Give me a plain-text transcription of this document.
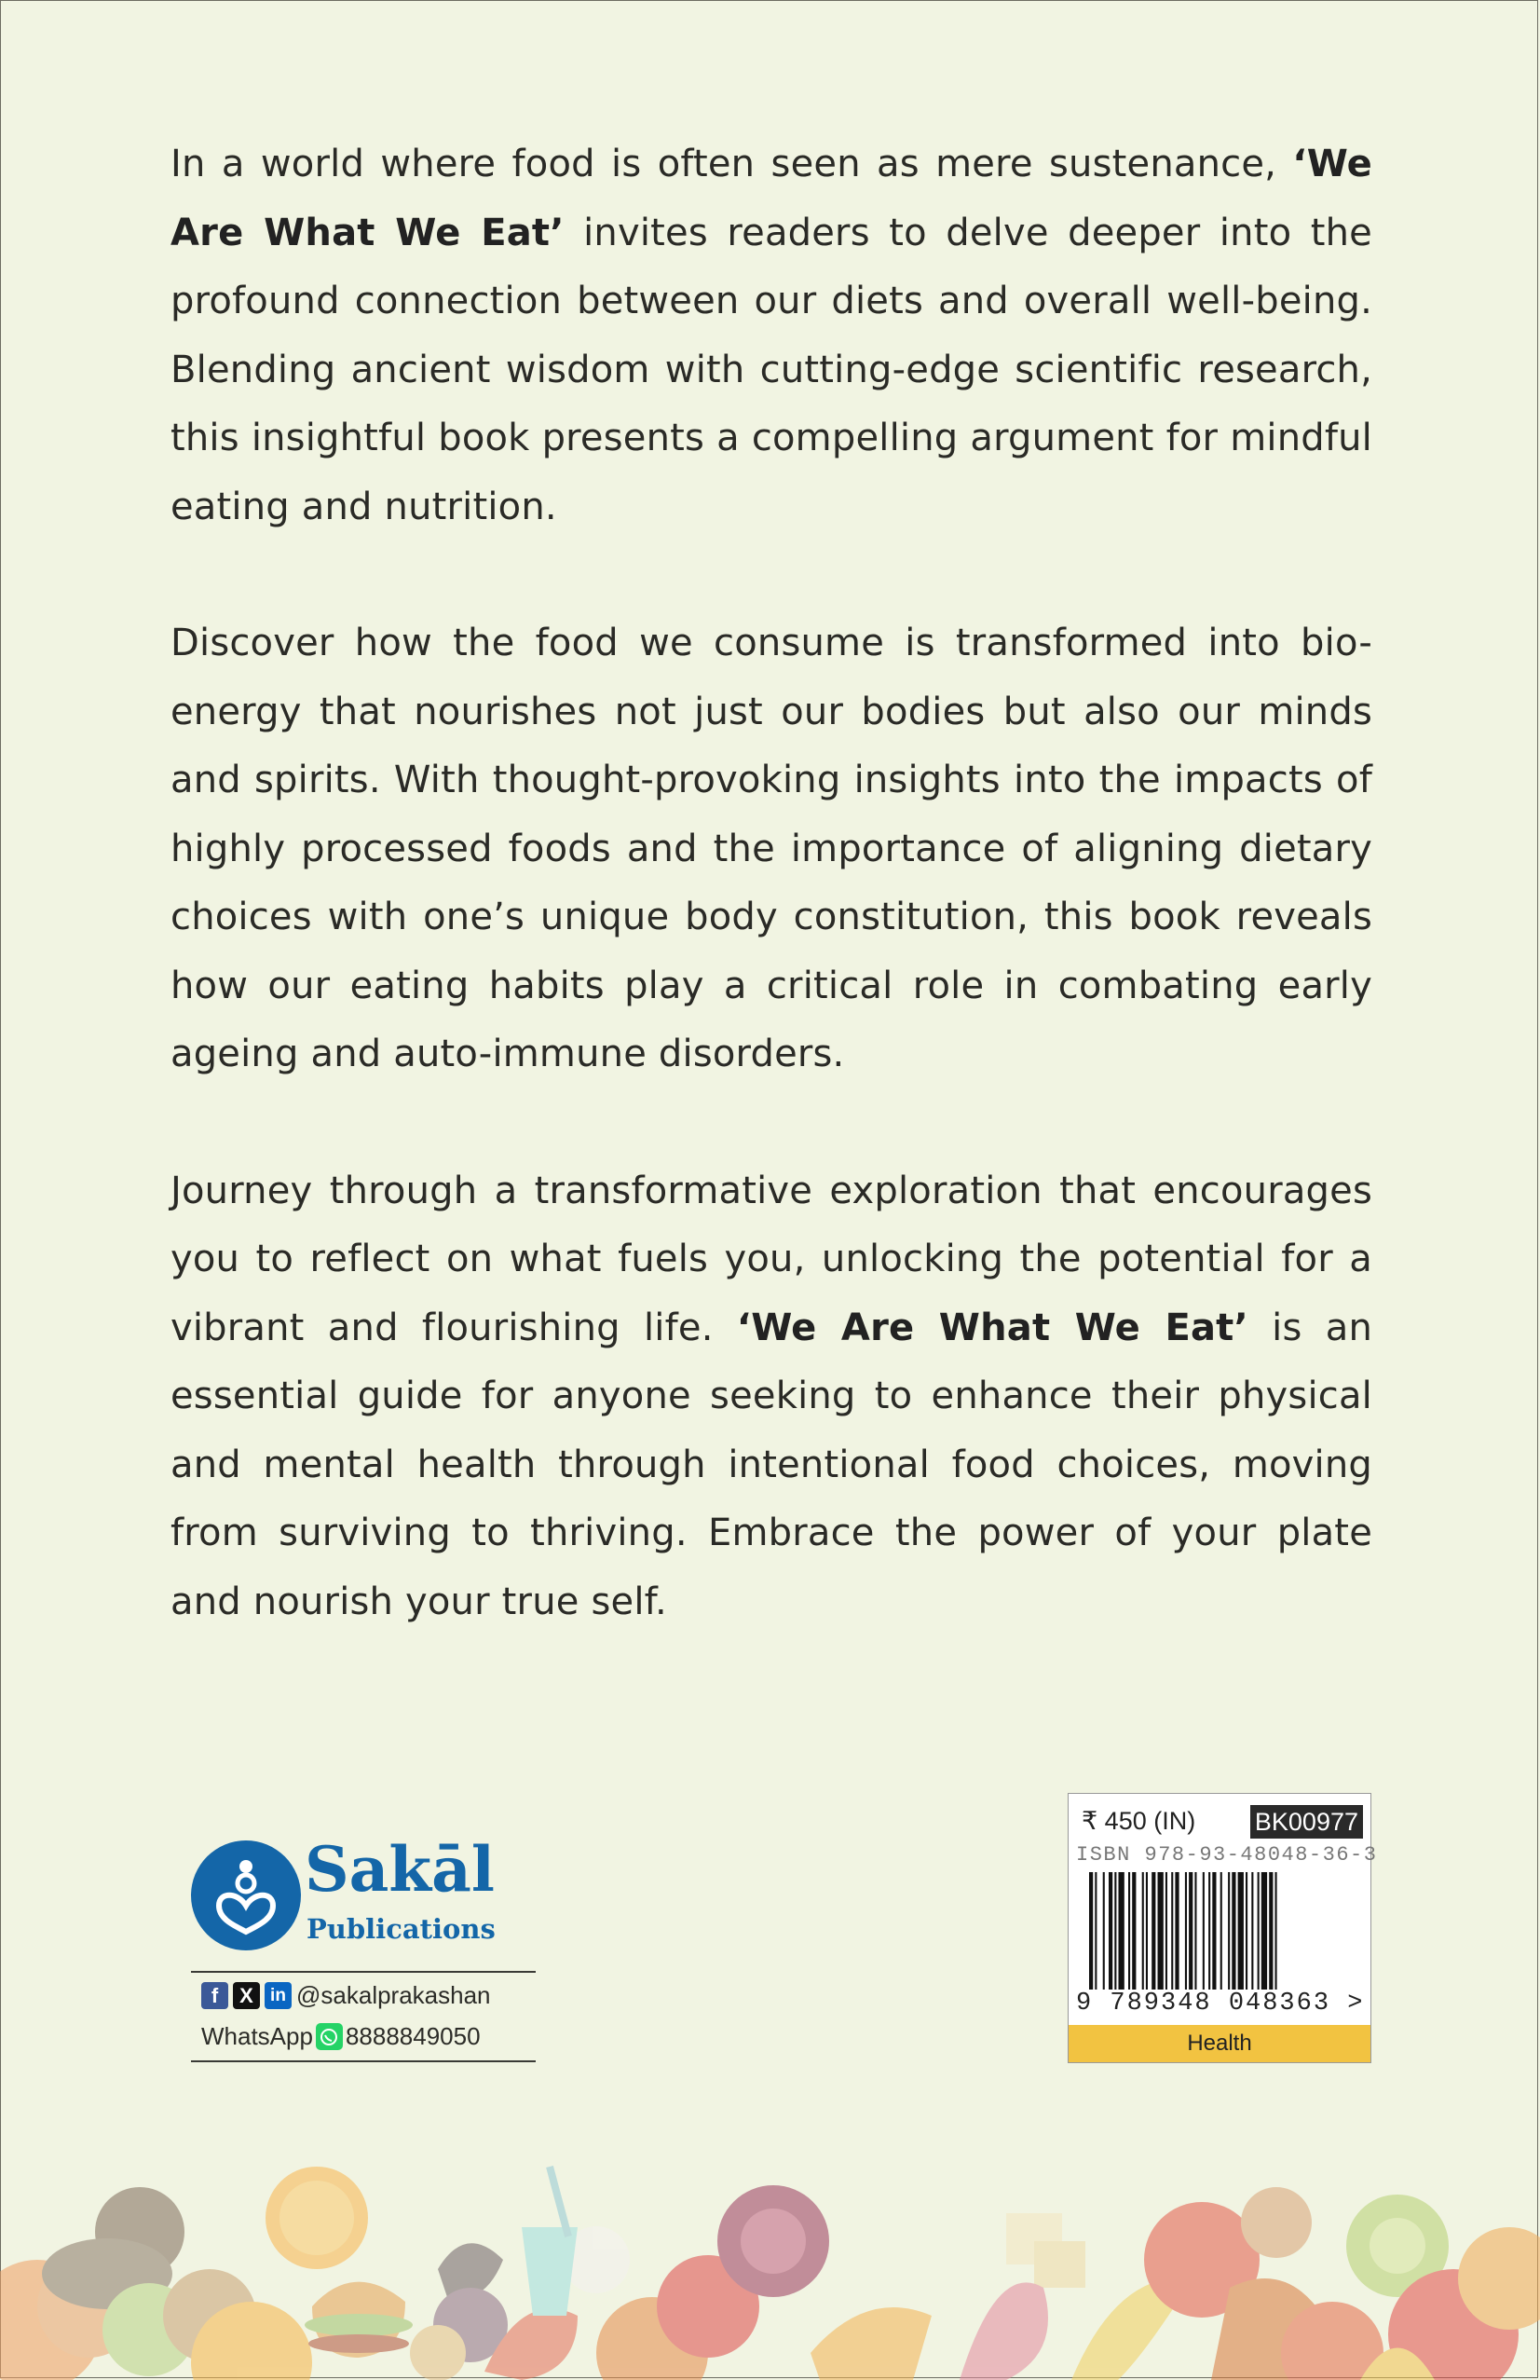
In a world where food is often seen as mere sustenance, ‘We Are What We Eat’ invites readers to delve deeper into the profound connection between our diets and overall well-being. Blending ancient wisdom with cutting-edge scientific research, this insightful book presents a compelling argument for mindful eating and nutrition.

Discover how the food we consume is transformed into bio-energy that nourishes not just our bodies but also our minds and spirits. With thought-provoking insights into the impacts of highly processed foods and the importance of aligning dietary choices with one’s unique body constitution, this book reveals how our eating habits play a critical role in combating early ageing and auto-immune disorders.

Journey through a transformative exploration that encourages you to reflect on what fuels you, unlocking the potential for a vibrant and flourishing life. ‘We Are What We Eat’ is an essential guide for anyone seeking to enhance their physical and mental health through intentional food choices, moving from surviving to thriving. Embrace the power of your plate and nourish your true self.

Sakāl
Publications
f	X in @sakalprakashan
WhatsApp 8888849050
₹ 450 (IN) BK00977
ISBN 978-93-48048-36-3
9 789348 048363 >
Health
